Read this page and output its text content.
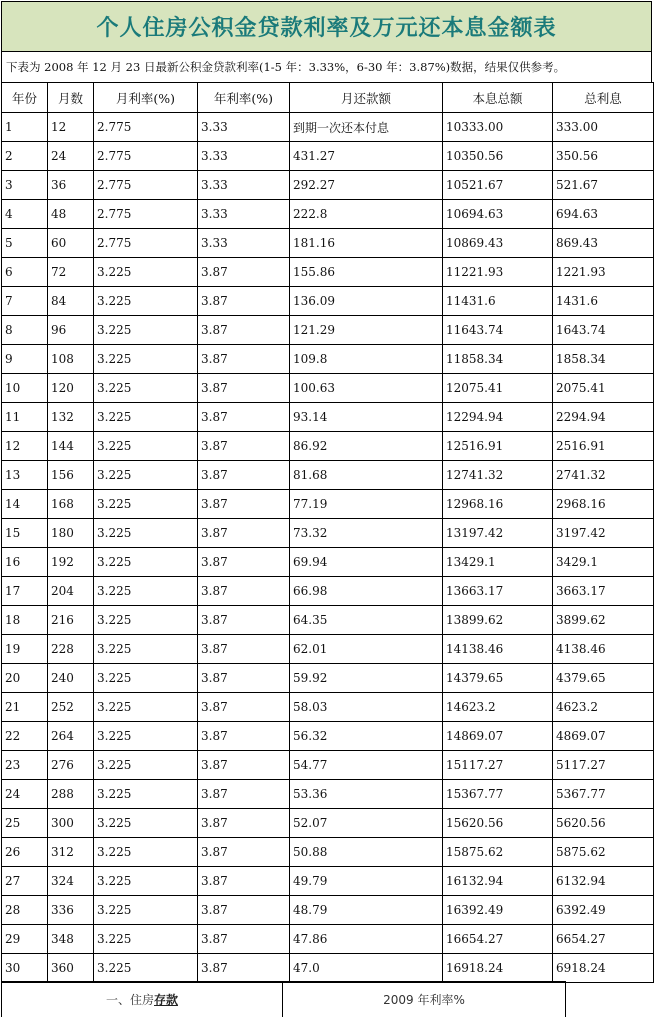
个人住房公积金贷款利率及万元还本息金额表
下表为 2008 年 12 月 23 日最新公积金贷款利率(1-5 年：3.33%，6-30 年：3.87%)数据，结果仅供参考。
年份	月数	月利率(%)	年利率(%)	月还款额	本息总额	总利息
1	12	2.775	3.33	到期一次还本付息	10333.00	333.00
2	24	2.775	3.33	431.27	10350.56	350.56
3	36	2.775	3.33	292.27	10521.67	521.67
4	48	2.775	3.33	222.8	10694.63	694.63
5	60	2.775	3.33	181.16	10869.43	869.43
6	72	3.225	3.87	155.86	11221.93	1221.93
7	84	3.225	3.87	136.09	11431.6	1431.6
8	96	3.225	3.87	121.29	11643.74	1643.74
9	108	3.225	3.87	109.8	11858.34	1858.34
10	120	3.225	3.87	100.63	12075.41	2075.41
11	132	3.225	3.87	93.14	12294.94	2294.94
12	144	3.225	3.87	86.92	12516.91	2516.91
13	156	3.225	3.87	81.68	12741.32	2741.32
14	168	3.225	3.87	77.19	12968.16	2968.16
15	180	3.225	3.87	73.32	13197.42	3197.42
16	192	3.225	3.87	69.94	13429.1	3429.1
17	204	3.225	3.87	66.98	13663.17	3663.17
18	216	3.225	3.87	64.35	13899.62	3899.62
19	228	3.225	3.87	62.01	14138.46	4138.46
20	240	3.225	3.87	59.92	14379.65	4379.65
21	252	3.225	3.87	58.03	14623.2	4623.2
22	264	3.225	3.87	56.32	14869.07	4869.07
23	276	3.225	3.87	54.77	15117.27	5117.27
24	288	3.225	3.87	53.36	15367.77	5367.77
25	300	3.225	3.87	52.07	15620.56	5620.56
26	312	3.225	3.87	50.88	15875.62	5875.62
27	324	3.225	3.87	49.79	16132.94	6132.94
28	336	3.225	3.87	48.79	16392.49	6392.49
29	348	3.225	3.87	47.86	16654.27	6654.27
30	360	3.225	3.87	47.0	16918.24	6918.24
一、住房 存款	2009 年利率%
